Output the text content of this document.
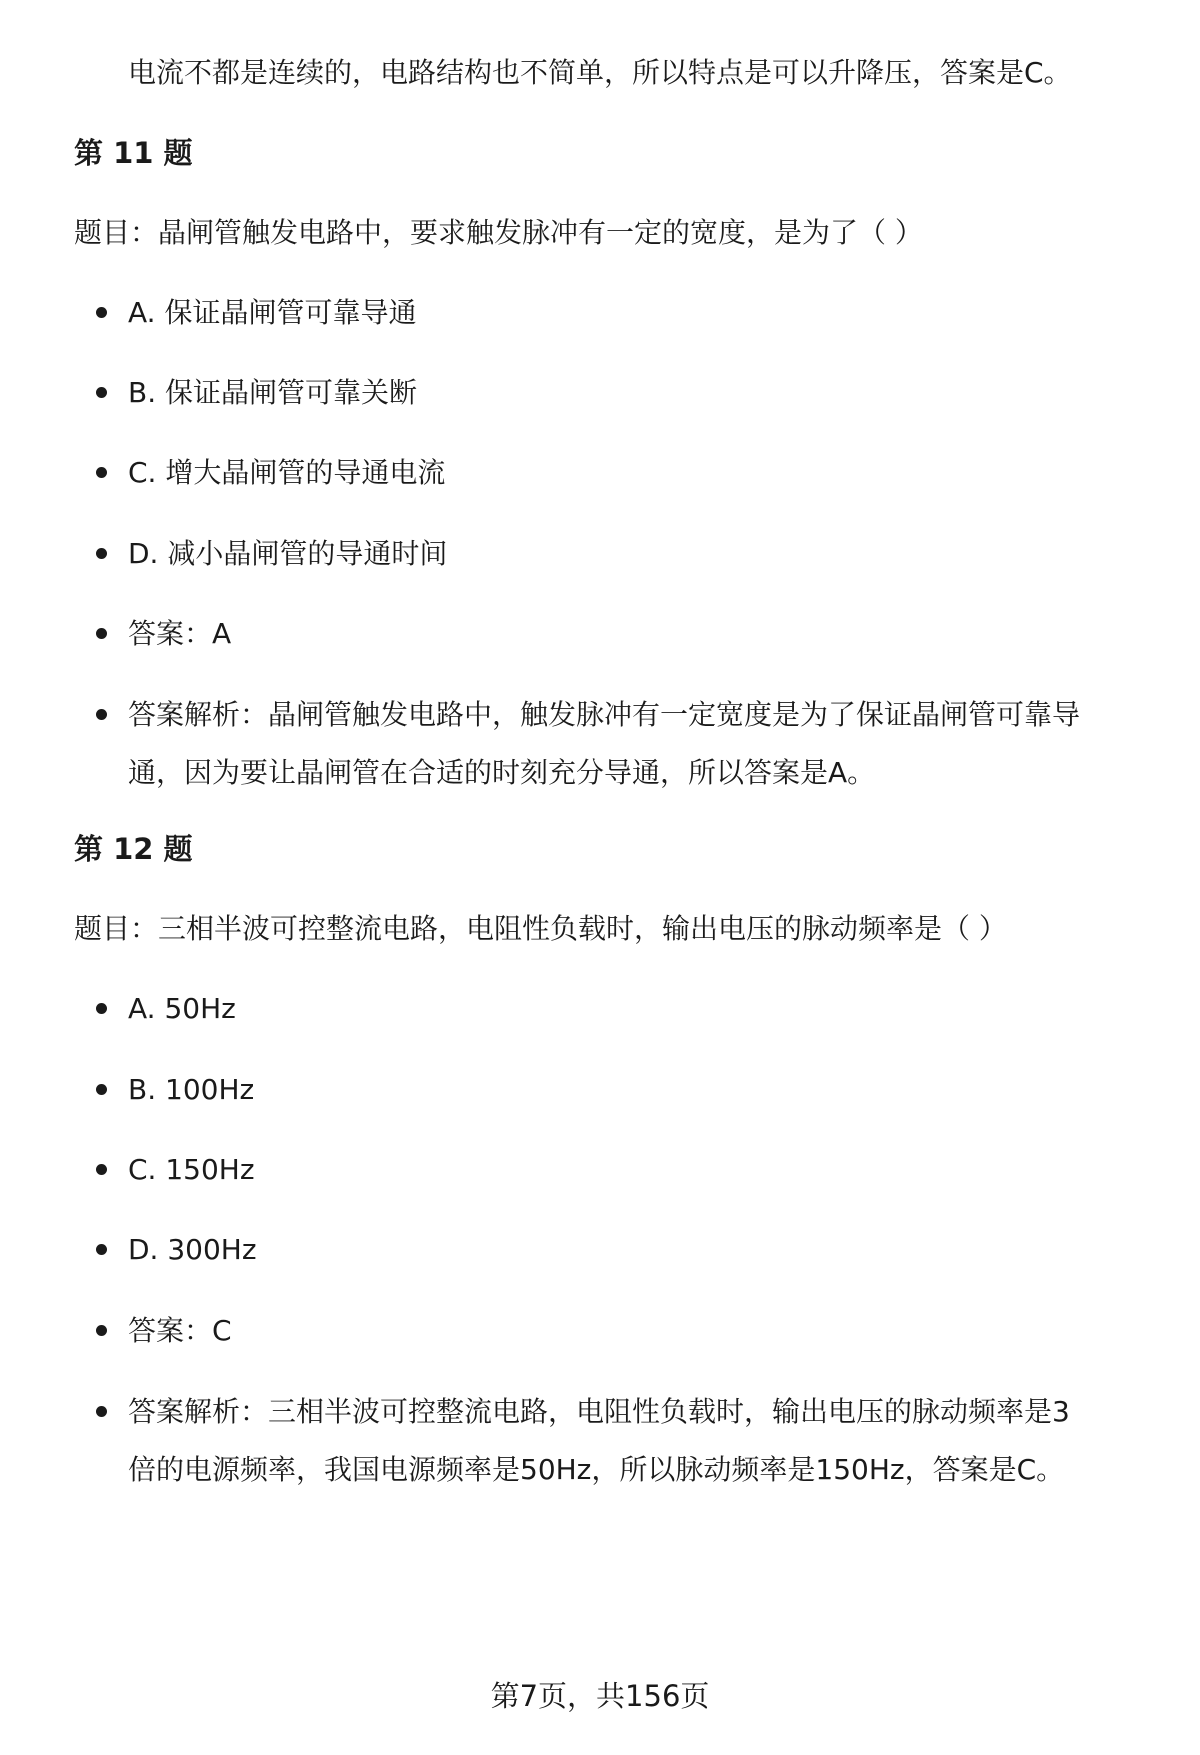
电流不都是连续的，电路结构也不简单，所以特点是可以升降压，答案是C。
第 11 题
题目：晶闸管触发电路中，要求触发脉冲有一定的宽度，是为了（ ）
A. 保证晶闸管可靠导通
B. 保证晶闸管可靠关断
C. 增大晶闸管的导通电流
D. 减小晶闸管的导通时间
答案：A
答案解析：晶闸管触发电路中，触发脉冲有一定宽度是为了保证晶闸管可靠导
通，因为要让晶闸管在合适的时刻充分导通，所以答案是A。
第 12 题
题目：三相半波可控整流电路，电阻性负载时，输出电压的脉动频率是（ ）
A. 50Hz
B. 100Hz
C. 150Hz
D. 300Hz
答案：C
答案解析：三相半波可控整流电路，电阻性负载时，输出电压的脉动频率是3
倍的电源频率，我国电源频率是50Hz，所以脉动频率是150Hz，答案是C。
第7页，共156页
